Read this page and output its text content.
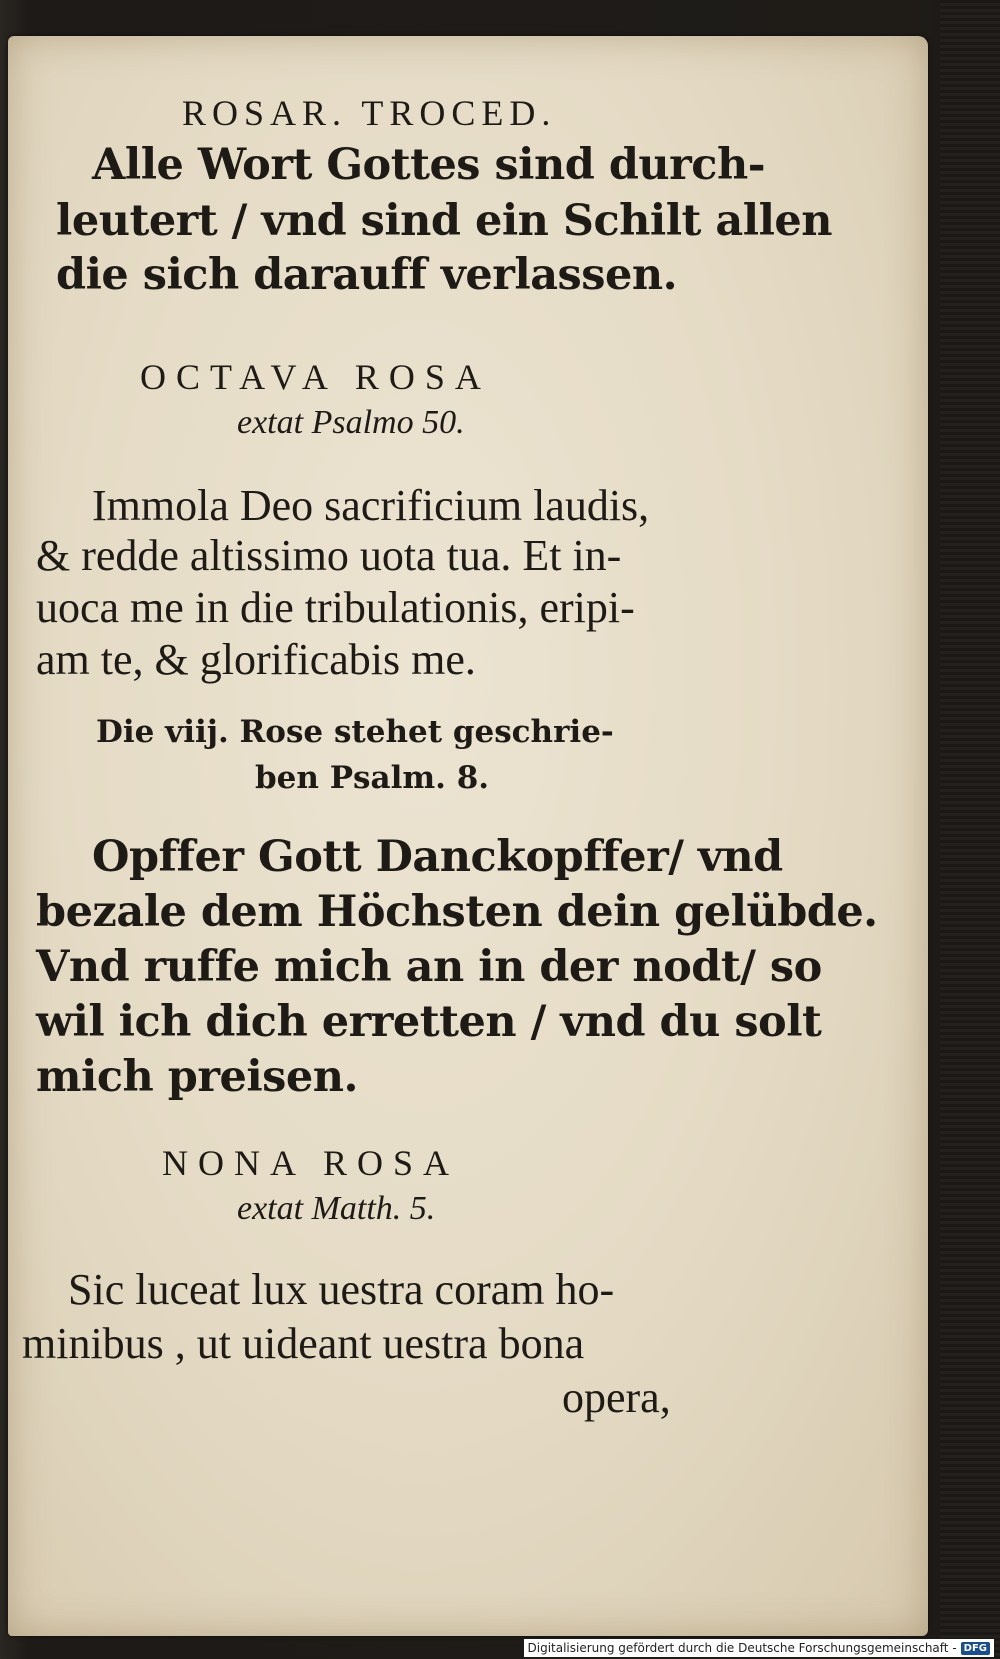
ROSAR. TROCED.
Alle Wort Gottes sind durch-
leutert / vnd sind ein Schilt allen
die sich darauff verlassen.
OCTAVA ROSA
extat Psalmo 50.
Immola Deo sacrificium laudis,
& redde altissimo uota tua. Et in-
uoca me in die tribulationis, eripi-
am te, & glorificabis me.
Die viij. Rose stehet geschrie-
ben Psalm. 8.
Opffer Gott Danckopffer/ vnd
bezale dem Höchsten dein gelübde.
Vnd ruffe mich an in der nodt/ so
wil ich dich erretten / vnd du solt
mich preisen.
NONA ROSA
extat Matth. 5.
Sic luceat lux uestra coram ho-
minibus , ut uideant uestra bona
opera,
Digitalisierung gefördert durch die Deutsche Forschungsgemeinschaft - DFG
